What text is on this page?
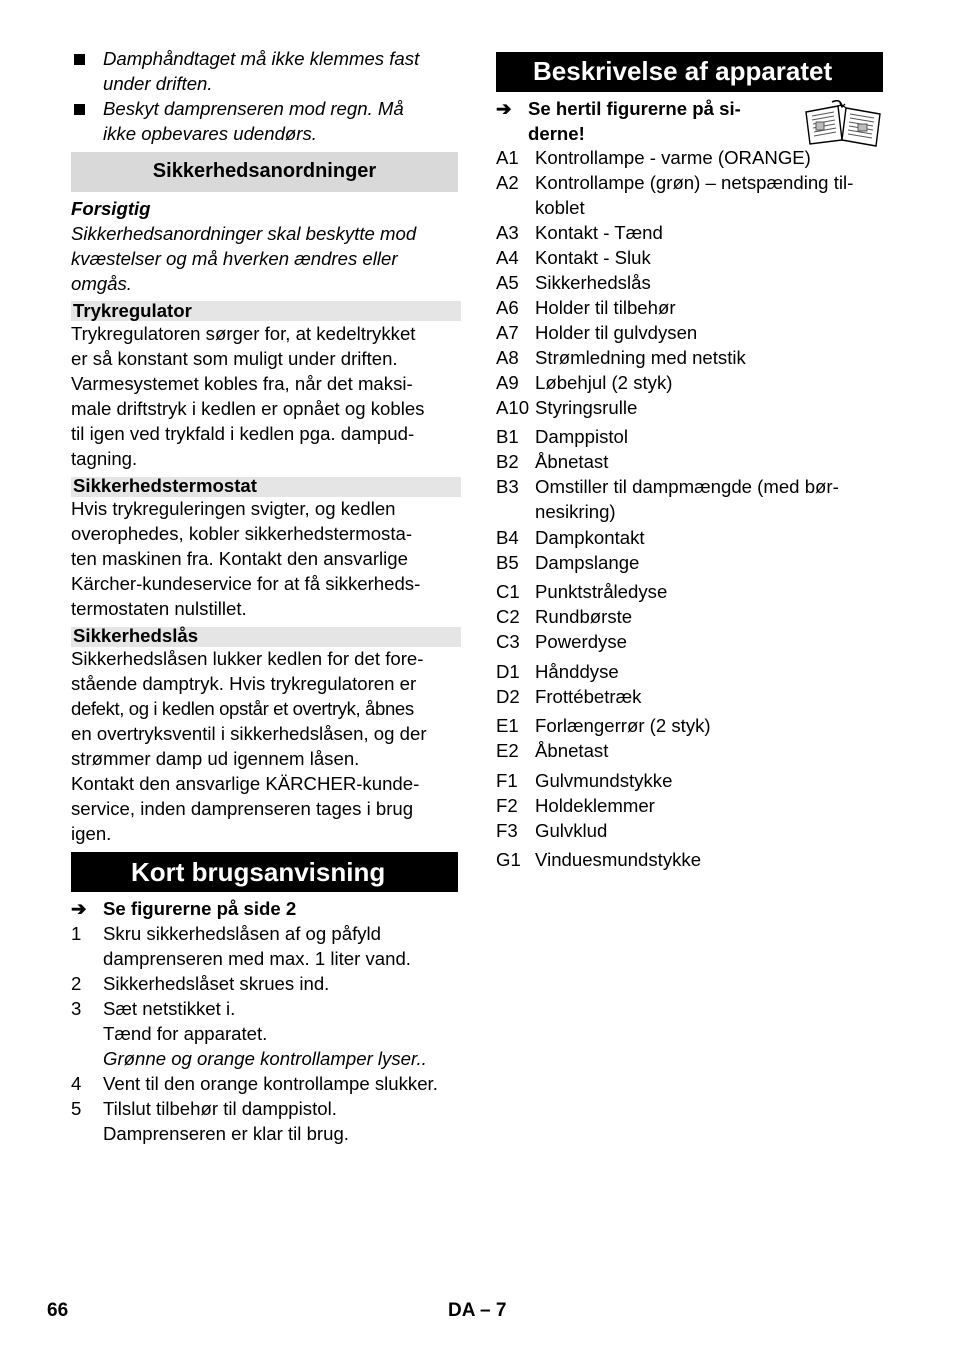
Damphåndtaget må ikke klemmes fast
under driften.
Beskyt damprenseren mod regn. Må
ikke opbevares udendørs.
Sikkerhedsanordninger
Forsigtig
Sikkerhedsanordninger skal beskytte mod
kvæstelser og må hverken ændres eller
omgås.
Trykregulator
Trykregulatoren sørger for, at kedeltrykket
er så konstant som muligt under driften.
Varmesystemet kobles fra, når det maksi-
male driftstryk i kedlen er opnået og kobles
til igen ved trykfald i kedlen pga. dampud-
tagning.
Sikkerhedstermostat
Hvis trykreguleringen svigter, og kedlen
overophedes, kobler sikkerhedstermosta-
ten maskinen fra. Kontakt den ansvarlige
Kärcher-kundeservice for at få sikkerheds-
termostaten nulstillet.
Sikkerhedslås
Sikkerhedslåsen lukker kedlen for det fore-
stående damptryk. Hvis trykregulatoren er
defekt, og i kedlen opstår et overtryk, åbnes
en overtryksventil i sikkerhedslåsen, og der
strømmer damp ud igennem låsen.
Kontakt den ansvarlige KÄRCHER-kunde-
service, inden damprenseren tages i brug
igen.
Kort brugsanvisning
➔ Se figurerne på side 2
1 Skru sikkerhedslåsen af og påfyld
damprenseren med max. 1 liter vand.
2 Sikkerhedslåset skrues ind.
3 Sæt netstikket i.
Tænd for apparatet.
Grønne og orange kontrollamper lyser..
4 Vent til den orange kontrollampe slukker.
5 Tilslut tilbehør til damppistol.
Damprenseren er klar til brug.
Beskrivelse af apparatet
➔ Se hertil figurerne på si-
derne!
A1 Kontrollampe - varme (ORANGE)
A2 Kontrollampe (grøn) – netspænding til-
koblet
A3 Kontakt - Tænd
A4 Kontakt - Sluk
A5 Sikkerhedslås
A6 Holder til tilbehør
A7 Holder til gulvdysen
A8 Strømledning med netstik
A9 Løbehjul (2 styk)
A10 Styringsrulle
B1 Damppistol
B2 Åbnetast
B3 Omstiller til dampmængde (med bør-
nesikring)
B4 Dampkontakt
B5 Dampslange
C1 Punktstråledyse
C2 Rundbørste
C3 Powerdyse
D1 Hånddyse
D2 Frottébetræk
E1 Forlængerrør (2 styk)
E2 Åbnetast
F1 Gulvmundstykke
F2 Holdeklemmer
F3 Gulvklud
G1 Vinduesmundstykke
66	DA – 7
